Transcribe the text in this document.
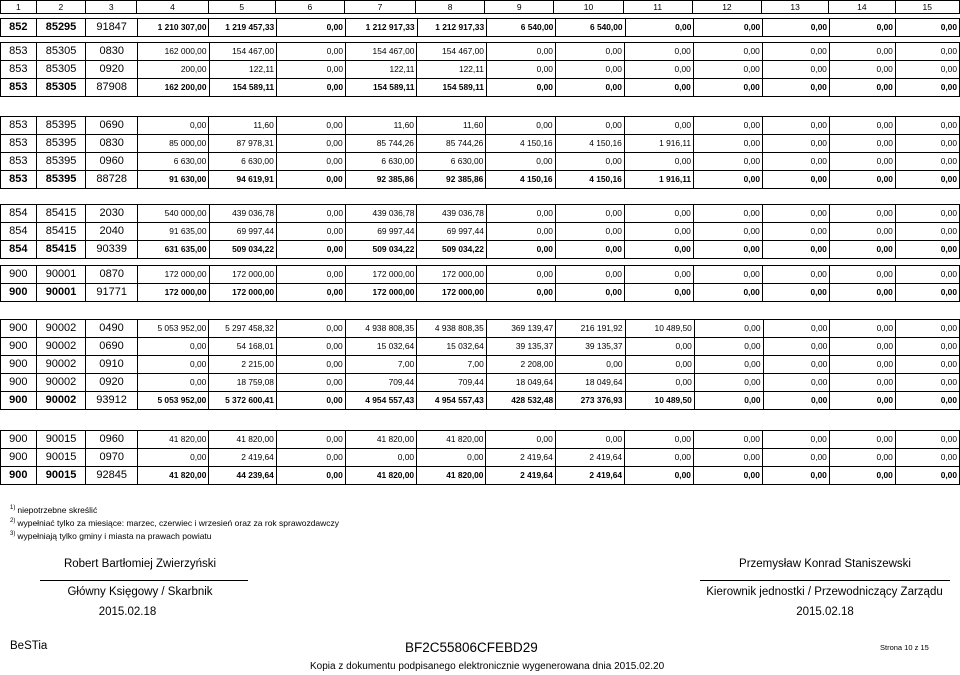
1	2	3	4	5	6	7	8	9	10	11	12	13	14	15
852	85295	91847	1 210 307,00	1 219 457,33	0,00	1 212 917,33	1 212 917,33	6 540,00	6 540,00	0,00	0,00	0,00	0,00	0,00
853	85305	0830	162 000,00	154 467,00	0,00	154 467,00	154 467,00	0,00	0,00	0,00	0,00	0,00	0,00	0,00
853	85305	0920	200,00	122,11	0,00	122,11	122,11	0,00	0,00	0,00	0,00	0,00	0,00	0,00
853	85305	87908	162 200,00	154 589,11	0,00	154 589,11	154 589,11	0,00	0,00	0,00	0,00	0,00	0,00	0,00
853	85395	0690	0,00	11,60	0,00	11,60	11,60	0,00	0,00	0,00	0,00	0,00	0,00	0,00
853	85395	0830	85 000,00	87 978,31	0,00	85 744,26	85 744,26	4 150,16	4 150,16	1 916,11	0,00	0,00	0,00	0,00
853	85395	0960	6 630,00	6 630,00	0,00	6 630,00	6 630,00	0,00	0,00	0,00	0,00	0,00	0,00	0,00
853	85395	88728	91 630,00	94 619,91	0,00	92 385,86	92 385,86	4 150,16	4 150,16	1 916,11	0,00	0,00	0,00	0,00
854	85415	2030	540 000,00	439 036,78	0,00	439 036,78	439 036,78	0,00	0,00	0,00	0,00	0,00	0,00	0,00
854	85415	2040	91 635,00	69 997,44	0,00	69 997,44	69 997,44	0,00	0,00	0,00	0,00	0,00	0,00	0,00
854	85415	90339	631 635,00	509 034,22	0,00	509 034,22	509 034,22	0,00	0,00	0,00	0,00	0,00	0,00	0,00
900	90001	0870	172 000,00	172 000,00	0,00	172 000,00	172 000,00	0,00	0,00	0,00	0,00	0,00	0,00	0,00
900	90001	91771	172 000,00	172 000,00	0,00	172 000,00	172 000,00	0,00	0,00	0,00	0,00	0,00	0,00	0,00
900	90002	0490	5 053 952,00	5 297 458,32	0,00	4 938 808,35	4 938 808,35	369 139,47	216 191,92	10 489,50	0,00	0,00	0,00	0,00
900	90002	0690	0,00	54 168,01	0,00	15 032,64	15 032,64	39 135,37	39 135,37	0,00	0,00	0,00	0,00	0,00
900	90002	0910	0,00	2 215,00	0,00	7,00	7,00	2 208,00	0,00	0,00	0,00	0,00	0,00	0,00
900	90002	0920	0,00	18 759,08	0,00	709,44	709,44	18 049,64	18 049,64	0,00	0,00	0,00	0,00	0,00
900	90002	93912	5 053 952,00	5 372 600,41	0,00	4 954 557,43	4 954 557,43	428 532,48	273 376,93	10 489,50	0,00	0,00	0,00	0,00
900	90015	0960	41 820,00	41 820,00	0,00	41 820,00	41 820,00	0,00	0,00	0,00	0,00	0,00	0,00	0,00
900	90015	0970	0,00	2 419,64	0,00	0,00	0,00	2 419,64	2 419,64	0,00	0,00	0,00	0,00	0,00
900	90015	92845	41 820,00	44 239,64	0,00	41 820,00	41 820,00	2 419,64	2 419,64	0,00	0,00	0,00	0,00	0,00
$^{1)}$ niepotrzebne skreślić
$^{2)}$ wypełniać tylko za miesiące: marzec, czerwiec i wrzesień oraz za rok sprawozdawczy
$^{3)}$ wypełniają tylko gminy i miasta na prawach powiatu
Robert Bartłomiej Zwierzyński
Główny Księgowy / Skarbnik
2015.02.18
Przemysław Konrad Staniszewski
Kierownik jednostki / Przewodniczący Zarządu
2015.02.18
BeSTia	BF2C55806CFEBD29	Strona 10 z 15
Kopia z dokumentu podpisanego elektronicznie wygenerowana dnia 2015.02.20
